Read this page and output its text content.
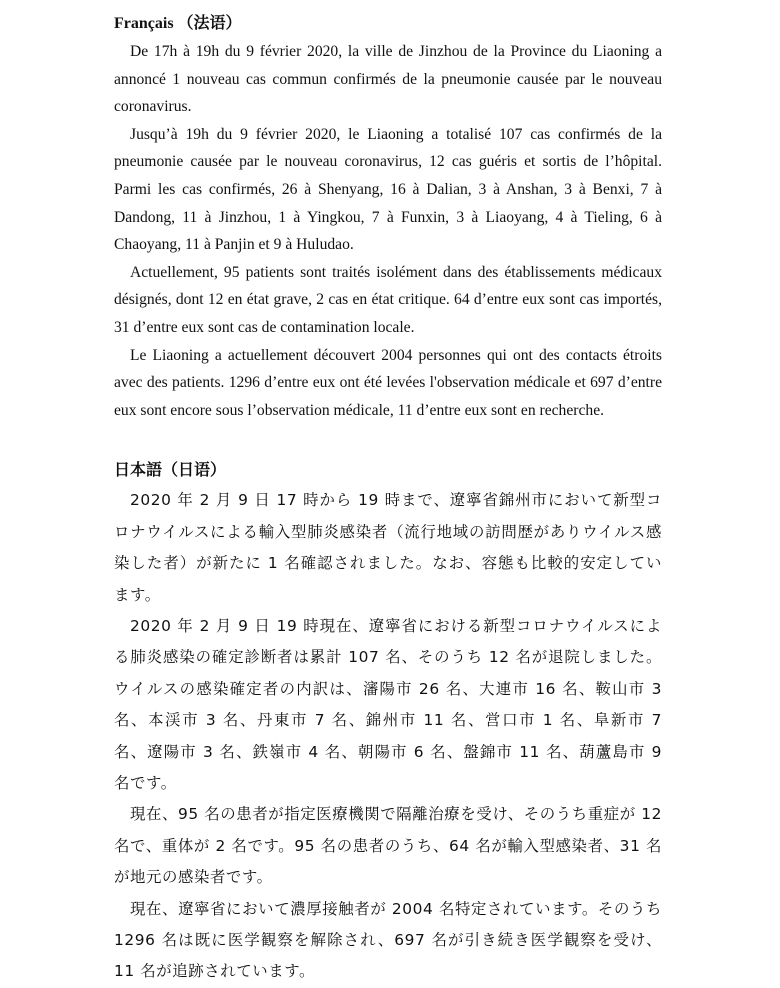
Français （法语）

De 17h à 19h du 9 février 2020, la ville de Jinzhou de la Province du Liaoning a annoncé 1 nouveau cas commun confirmés de la pneumonie causée par le nouveau coronavirus.

Jusqu’à 19h du 9 février 2020, le Liaoning a totalisé 107 cas confirmés de la pneumonie causée par le nouveau coronavirus, 12 cas guéris et sortis de l’hôpital. Parmi les cas confirmés, 26 à Shenyang, 16 à Dalian, 3 à Anshan, 3 à Benxi, 7 à Dandong, 11 à Jinzhou, 1 à Yingkou, 7 à Funxin, 3 à Liaoyang, 4 à Tieling, 6 à Chaoyang, 11 à Panjin et 9 à Huludao.

Actuellement, 95 patients sont traités isolément dans des établissements médicaux désignés, dont 12 en état grave, 2 cas en état critique. 64 d’entre eux sont cas importés, 31 d’entre eux sont cas de contamination locale.

Le Liaoning a actuellement découvert 2004 personnes qui ont des contacts étroits avec des patients. 1296 d’entre eux ont été levées l'observation médicale et 697 d’entre eux sont encore sous l’observation médicale, 11 d’entre eux sont en recherche.

日本語（日语）

2020 年 2 月 9 日 17 時から 19 時まで、遼寧省錦州市において新型コロナウイルスによる輸入型肺炎感染者（流行地域の訪問歴がありウイルス感染した者）が新たに 1 名確認されました。なお、容態も比較的安定しています。

2020 年 2 月 9 日 19 時現在、遼寧省における新型コロナウイルスによる肺炎感染の確定診断者は累計 107 名、そのうち 12 名が退院しました。ウイルスの感染確定者の内訳は、瀋陽市 26 名、大連市 16 名、鞍山市 3 名、本渓市 3 名、丹東市 7 名、錦州市 11 名、営口市 1 名、阜新市 7 名、遼陽市 3 名、鉄嶺市 4 名、朝陽市 6 名、盤錦市 11 名、葫蘆島市 9 名です。

現在、95 名の患者が指定医療機関で隔離治療を受け、そのうち重症が 12 名で、重体が 2 名です。95 名の患者のうち、64 名が輸入型感染者、31 名が地元の感染者です。

現在、遼寧省において濃厚接触者が 2004 名特定されています。そのうち 1296 名は既に医学観察を解除され、697 名が引き続き医学観察を受け、11 名が追跡されています。
